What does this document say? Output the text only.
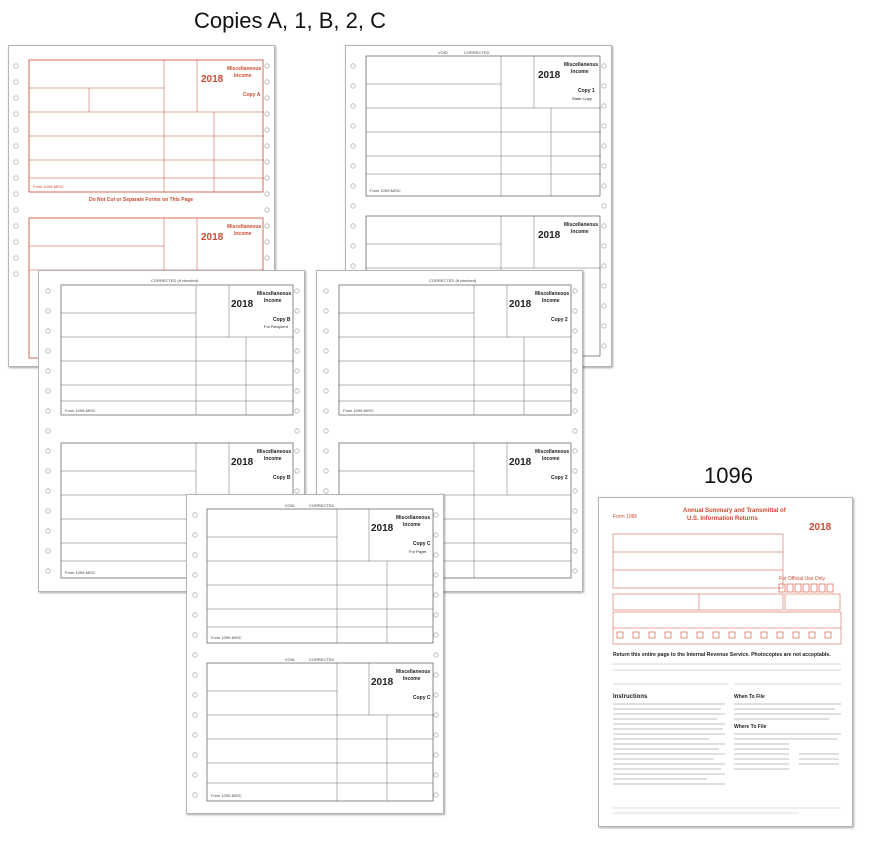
Copies A, 1, B, 2, C
1096
2018
Miscellaneous
Income
Copy A
Form 1099-MISC
Do Not Cut or Separate Forms on This Page
2018
Miscellaneous
Income
VOID	CORRECTED
2018
Miscellaneous
Income
Copy 1
State Copy
Form 1099-MISC
2018
Miscellaneous
Income
CORRECTED (if checked)
2018
Miscellaneous
Income
Copy B
For Recipient
Form 1099-MISC
2018
Miscellaneous
Income
Copy B
Form 1099-MISC
CORRECTED (if checked)
2018
Miscellaneous
Income
Copy 2
Form 1099-MISC
2018
Miscellaneous
Income
Copy 2
VOID	CORRECTED
2018
Miscellaneous
Income
Copy C
For Payer
Form 1099-MISC
VOID	CORRECTED
2018
Miscellaneous
Income
Copy C
Form 1099-MISC
Form 1096
Annual Summary and Transmittal of
U.S. Information Returns
2018
For Official Use Only
Return this entire page to the Internal Revenue Service. Photocopies are not acceptable.
Instructions	When To File
Where To File
